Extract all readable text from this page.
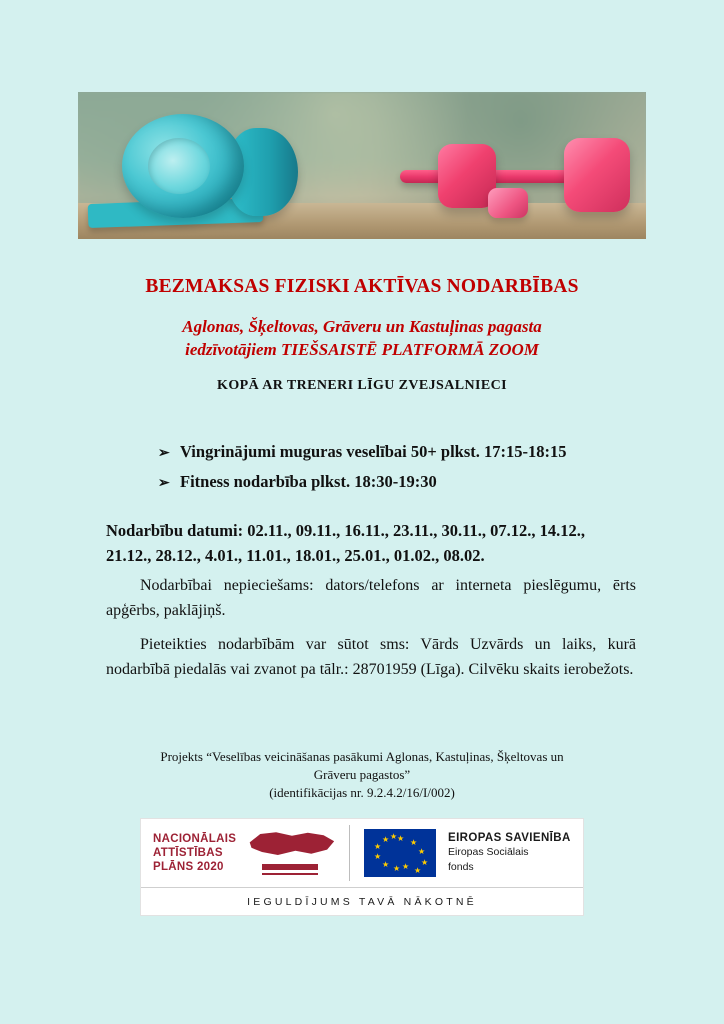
BEZMAKSAS FIZISKI AKTĪVAS NODARBĪBAS
Aglonas, Šķeltovas, Grāveru un Kastuļinas pagasta
iedzīvotājiem TIEŠSAISTĒ PLATFORMĀ ZOOM
KOPĀ AR TRENERI LĪGU ZVEJSALNIECI
➢ Vingrinājumi muguras veselībai 50+ plkst. 17:15-18:15
➢ Fitness nodarbība plkst. 18:30-19:30
Nodarbību datumi: 02.11., 09.11., 16.11., 23.11., 30.11., 07.12., 14.12.,
21.12., 28.12., 4.01., 11.01., 18.01., 25.01., 01.02., 08.02.
Nodarbībai nepieciešams: dators/telefons ar interneta pieslēgumu, ērts apģērbs, paklājiņš.
Pieteikties nodarbībām var sūtot sms: Vārds Uzvārds un laiks, kurā nodarbībā piedalās vai zvanot pa tālr.: 28701959 (Līga). Cilvēku skaits ierobežots.
Projekts “Veselības veicināšanas pasākumi Aglonas, Kastuļinas, Šķeltovas un
Grāveru pagastos”
(identifikācijas nr. 9.2.4.2/16/I/002)
NACIONĀLAIS
ATTĪSTĪBAS
PLĀNS 2020
★ ★
★
★
★
★
★
★
★
★
★ ★	EIROPAS SAVIENĪBA
Eiropas Sociālais
fonds
IEGULDĪJUMS TAVĀ NĀKOTNĒ
